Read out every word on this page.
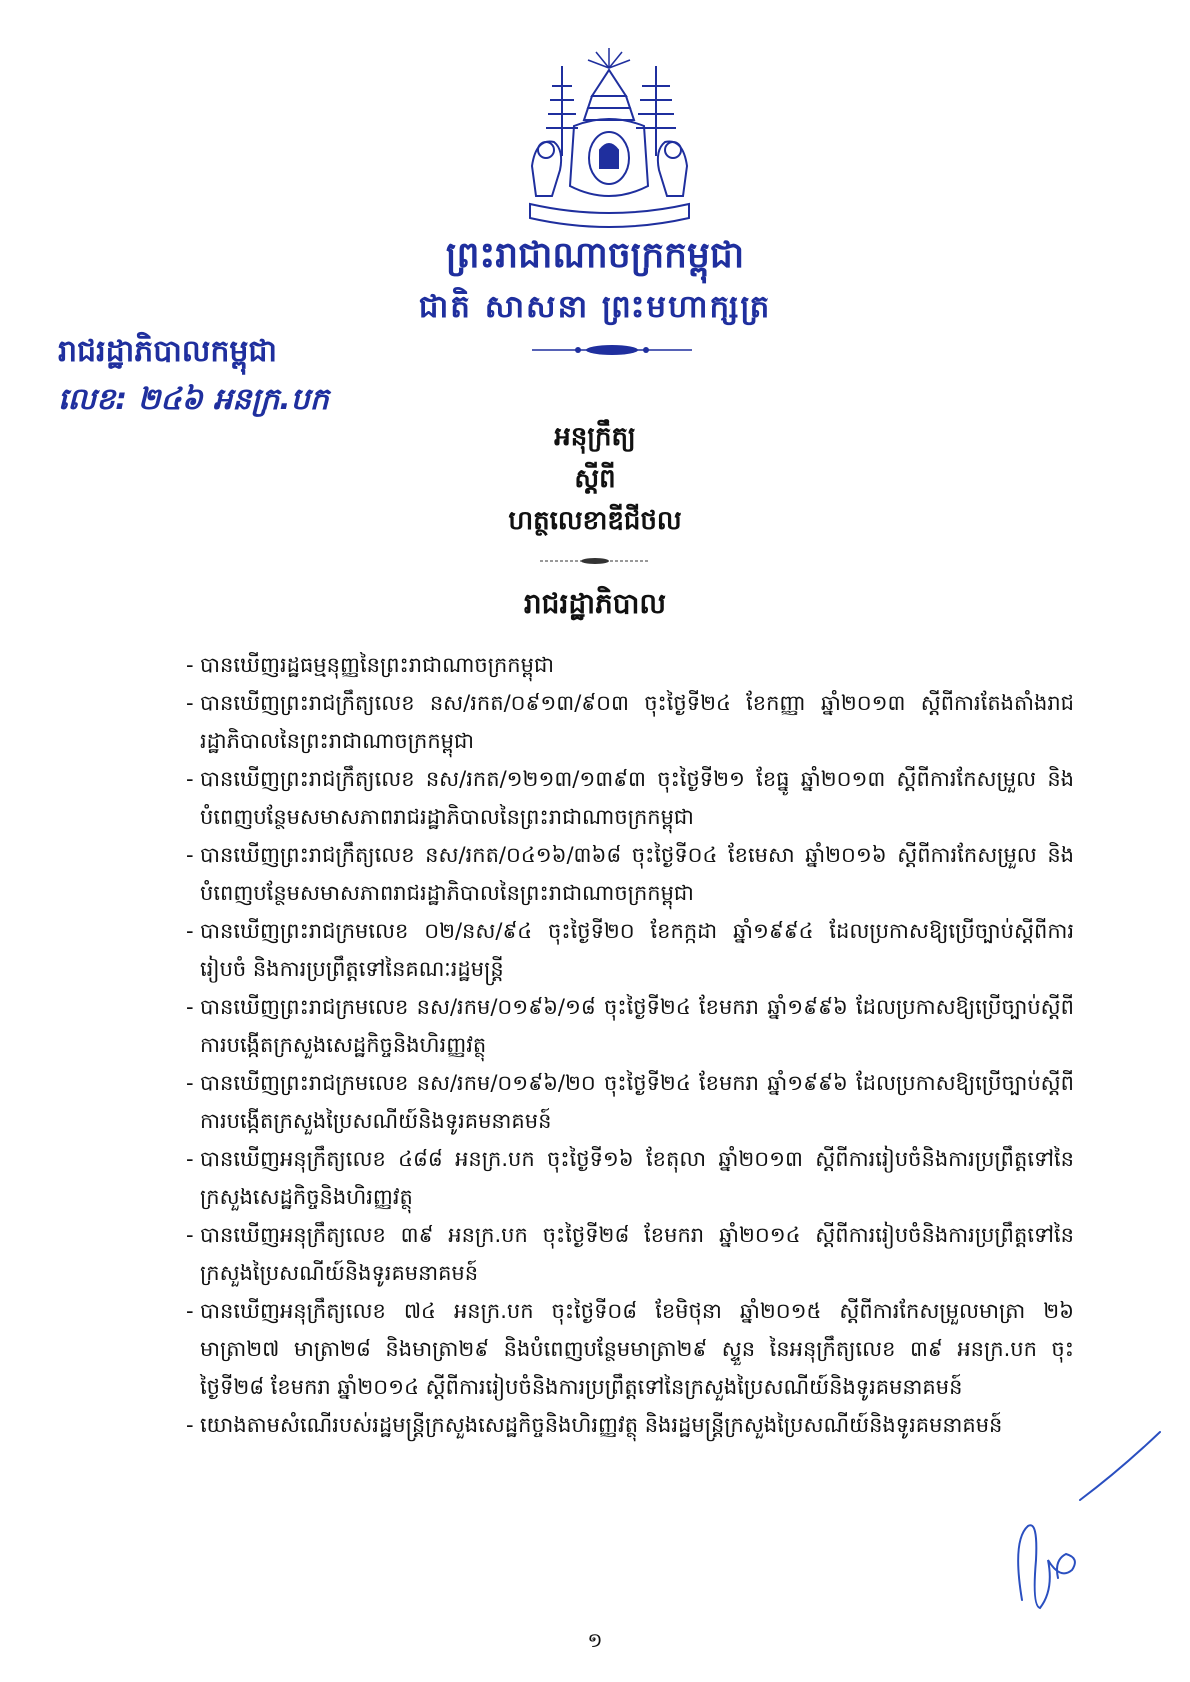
ព្រះរាជាណាចក្រកម្ពុជា
ជាតិ សាសនា ព្រះមហាក្សត្រ
រាជរដ្ឋាភិបាលកម្ពុជា
លេខ: ២៤៦ អនក្រ.បក
អនុក្រឹត្យ
ស្តីពី
ហត្ថលេខាឌីជីថល
រាជរដ្ឋាភិបាល
- បានឃើញរដ្ឋធម្មនុញ្ញនៃព្រះរាជាណាចក្រកម្ពុជា
- បានឃើញព្រះរាជក្រឹត្យលេខ នស/រកត/០៩១៣/៩០៣ ចុះថ្ងៃទី២៤ ខែកញ្ញា ឆ្នាំ២០១៣ ស្តីពីការតែងតាំងរាជរដ្ឋាភិបាលនៃព្រះរាជាណាចក្រកម្ពុជា
- បានឃើញព្រះរាជក្រឹត្យលេខ នស/រកត/១២១៣/១៣៩៣ ចុះថ្ងៃទី២១ ខែធ្នូ ឆ្នាំ២០១៣ ស្តីពីការកែសម្រួល និងបំពេញបន្ថែមសមាសភាពរាជរដ្ឋាភិបាលនៃព្រះរាជាណាចក្រកម្ពុជា
- បានឃើញព្រះរាជក្រឹត្យលេខ នស/រកត/០៤១៦/៣៦៨ ចុះថ្ងៃទី០៤ ខែមេសា ឆ្នាំ២០១៦ ស្តីពីការកែសម្រួល និងបំពេញបន្ថែមសមាសភាពរាជរដ្ឋាភិបាលនៃព្រះរាជាណាចក្រកម្ពុជា
- បានឃើញព្រះរាជក្រមលេខ ០២/នស/៩៤ ចុះថ្ងៃទី២០ ខែកក្កដា ឆ្នាំ១៩៩៤ ដែលប្រកាសឱ្យប្រើច្បាប់ស្តីពីការរៀបចំ និងការប្រព្រឹត្តទៅនៃគណៈរដ្ឋមន្ត្រី
- បានឃើញព្រះរាជក្រមលេខ នស/រកម/០១៩៦/១៨ ចុះថ្ងៃទី២៤ ខែមករា ឆ្នាំ១៩៩៦ ដែលប្រកាសឱ្យប្រើច្បាប់ស្តីពីការបង្កើតក្រសួងសេដ្ឋកិច្ចនិងហិរញ្ញវត្ថុ
- បានឃើញព្រះរាជក្រមលេខ នស/រកម/០១៩៦/២០ ចុះថ្ងៃទី២៤ ខែមករា ឆ្នាំ១៩៩៦ ដែលប្រកាសឱ្យប្រើច្បាប់ស្តីពីការបង្កើតក្រសួងប្រៃសណីយ៍និងទូរគមនាគមន៍
- បានឃើញអនុក្រឹត្យលេខ ៤៨៨ អនក្រ.បក ចុះថ្ងៃទី១៦ ខែតុលា ឆ្នាំ២០១៣ ស្តីពីការរៀបចំនិងការប្រព្រឹត្តទៅនៃក្រសួងសេដ្ឋកិច្ចនិងហិរញ្ញវត្ថុ
- បានឃើញអនុក្រឹត្យលេខ ៣៩ អនក្រ.បក ចុះថ្ងៃទី២៨ ខែមករា ឆ្នាំ២០១៤ ស្តីពីការរៀបចំនិងការប្រព្រឹត្តទៅនៃក្រសួងប្រៃសណីយ៍និងទូរគមនាគមន៍
- បានឃើញអនុក្រឹត្យលេខ ៧៤ អនក្រ.បក ចុះថ្ងៃទី០៨ ខែមិថុនា ឆ្នាំ២០១៥ ស្តីពីការកែសម្រួលមាត្រា ២៦ មាត្រា២៧ មាត្រា២៨ និងមាត្រា២៩ និងបំពេញបន្ថែមមាត្រា២៩ ស្ទួន នៃអនុក្រឹត្យលេខ ៣៩ អនក្រ.បក ចុះថ្ងៃទី២៨ ខែមករា ឆ្នាំ២០១៤ ស្តីពីការរៀបចំនិងការប្រព្រឹត្តទៅនៃក្រសួងប្រៃសណីយ៍និងទូរគមនាគមន៍
- យោងតាមសំណើរបស់រដ្ឋមន្ត្រីក្រសួងសេដ្ឋកិច្ចនិងហិរញ្ញវត្ថុ និងរដ្ឋមន្ត្រីក្រសួងប្រៃសណីយ៍និងទូរគមនាគមន៍
១
